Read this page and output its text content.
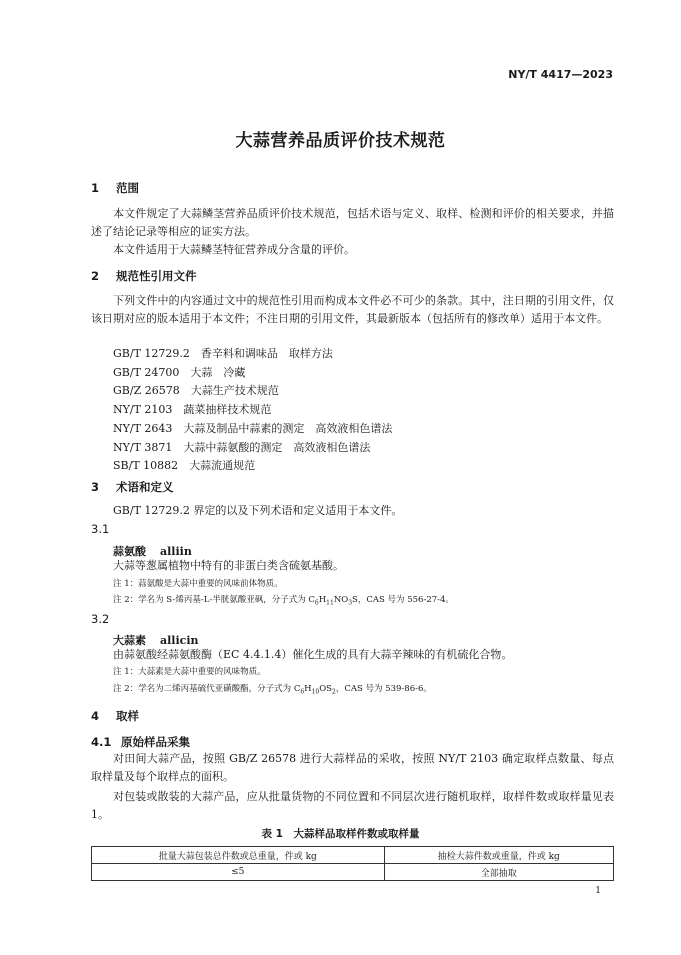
NY/T 4417—2023
大蒜营养品质评价技术规范
1 范围

本文件规定了大蒜鳞茎营养品质评价技术规范，包括术语与定义、取样、检测和评价的相关要求，并描述了结论记录等相应的证实方法。

本文件适用于大蒜鳞茎特征营养成分含量的评价。

2 规范性引用文件

下列文件中的内容通过文中的规范性引用而构成本文件必不可少的条款。其中，注日期的引用文件，仅该日期对应的版本适用于本文件；不注日期的引用文件，其最新版本（包括所有的修改单）适用于本文件。

GB/T 12729.2　 香辛料和调味品　取样方法
GB/T 24700　 大蒜　冷藏
GB/Z 26578　 大蒜生产技术规范
NY/T 2103　 蔬菜抽样技术规范
NY/T 2643　 大蒜及制品中蒜素的测定　高效液相色谱法
NY/T 3871　 大蒜中蒜氨酸的测定　高效液相色谱法
SB/T 10882　 大蒜流通规范
3 术语和定义
GB/T 12729.2 界定的以及下列术语和定义适用于本文件。
3.1
蒜氨酸 alliin
大蒜等葱属植物中特有的非蛋白类含硫氨基酸。
注 1：蒜氨酸是大蒜中重要的风味前体物质。
注 2：学名为 S-烯丙基-L-半胱氨酸亚砜，分子式为 $C_6H_{11}NO_3S$，CAS 号为 556-27-4。
3.2
大蒜素 allicin
由蒜氨酸经蒜氨酸酶（EC 4.4.1.4）催化生成的具有大蒜辛辣味的有机硫化合物。
注 1：大蒜素是大蒜中重要的风味物质。
注 2：学名为二烯丙基硫代亚磺酸酯，分子式为 $C_6H_{10}OS_2$，CAS 号为 539-86-6。
4 取样
4.1 原始样品采集

对田间大蒜产品，按照 GB/Z 26578 进行大蒜样品的采收，按照 NY/T 2103 确定取样点数量、每点取样量及每个取样点的面积。

对包装或散装的大蒜产品，应从批量货物的不同位置和不同层次进行随机取样，取样件数或取样量见表 1。

表 1　大蒜样品取样件数或取样量
批量大蒜包装总件数或总重量，件或 kg	抽检大蒜件数或重量，件或 kg
≤5	全部抽取
1
